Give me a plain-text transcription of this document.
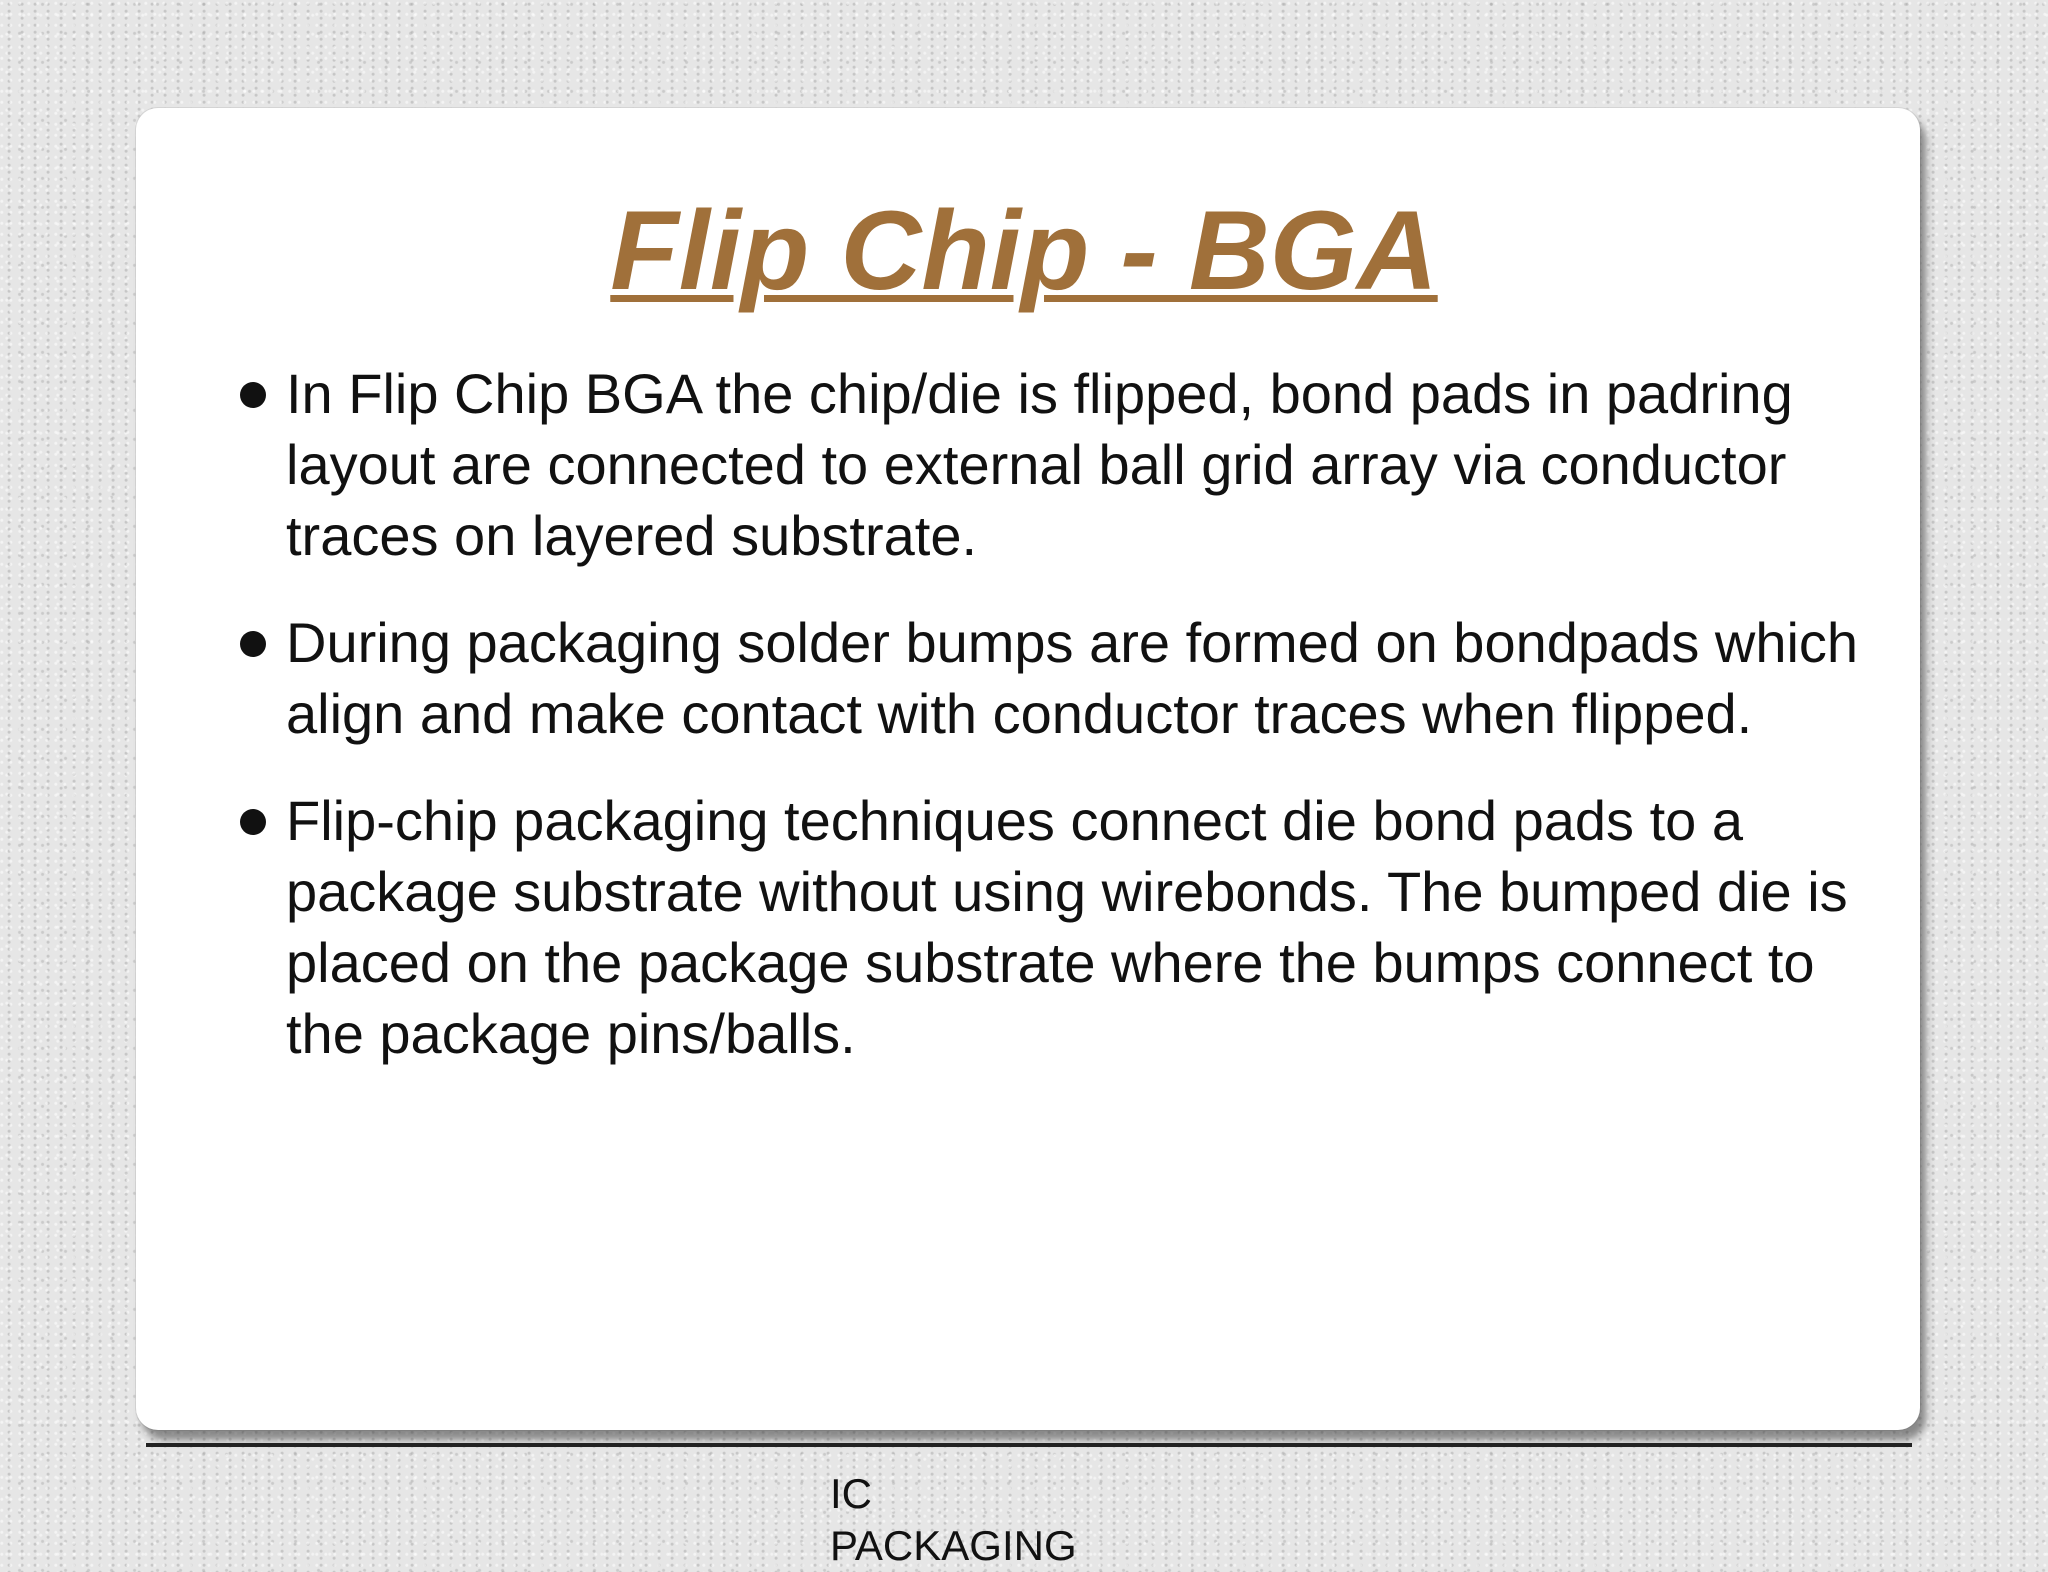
Flip Chip - BGA
In Flip Chip BGA the chip/die is flipped, bond pads in padring layout are connected to external ball grid array via conductor traces on layered substrate.
During packaging solder bumps are formed on bondpads which align and make contact with conductor traces when flipped.
Flip-chip packaging techniques connect die bond pads to a package substrate without using wirebonds. The bumped die is placed on the package substrate where the bumps connect to the package pins/balls.
IC PACKAGING
